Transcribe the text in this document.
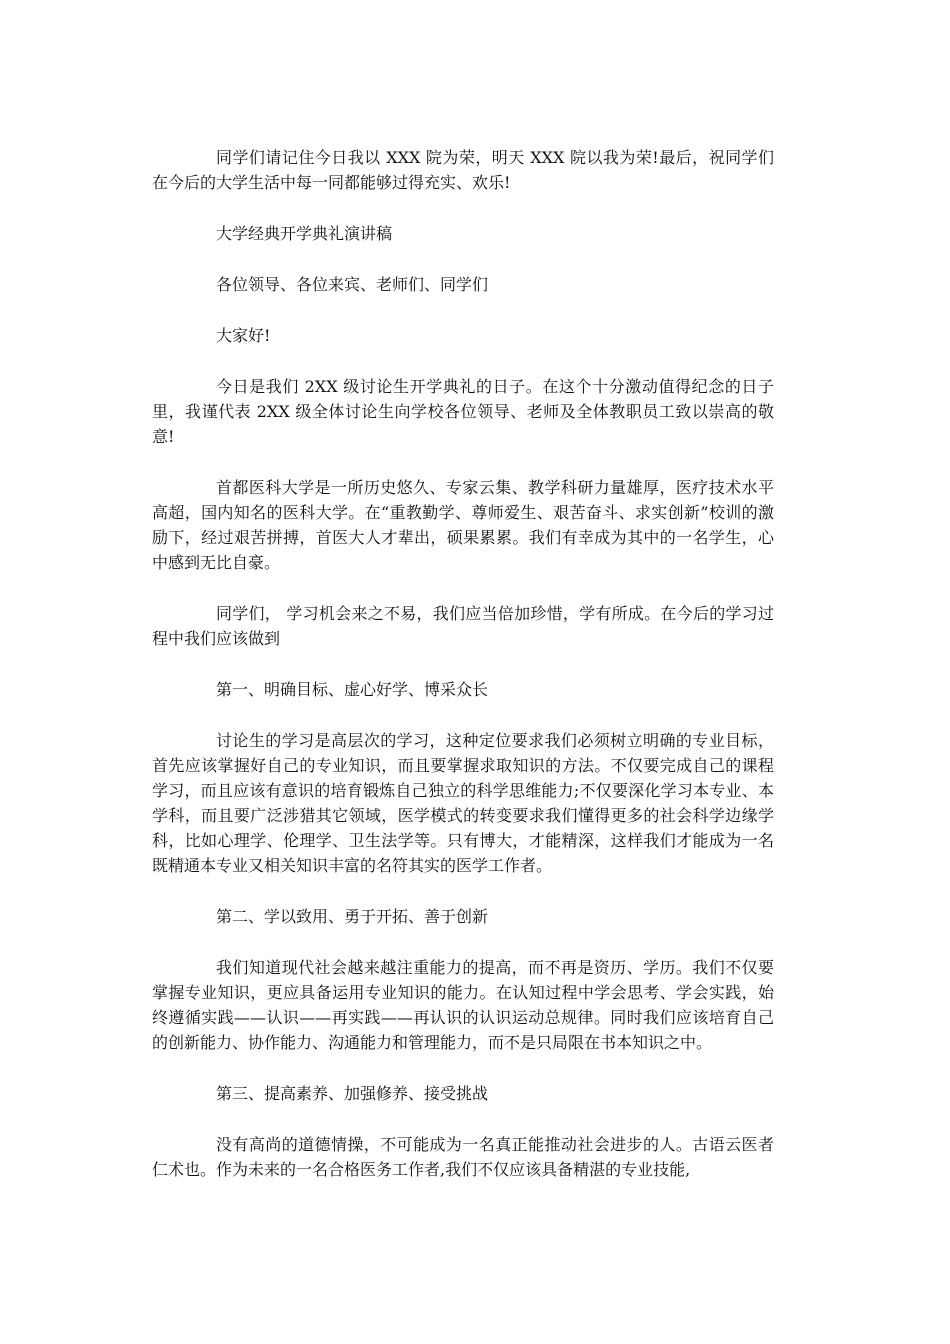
同学们请记住今日我以 XXX 院为荣，明天 XXX 院以我为荣!最后，祝同学们在今后的大学生活中每一同都能够过得充实、欢乐!

大学经典开学典礼演讲稿

各位领导、各位来宾、老师们、同学们

大家好!

今日是我们 2XX 级讨论生开学典礼的日子。在这个十分激动值得纪念的日子里，我谨代表 2XX 级全体讨论生向学校各位领导、老师及全体教职员工致以崇高的敬意!

首都医科大学是一所历史悠久、专家云集、教学科研力量雄厚，医疗技术水平高超，国内知名的医科大学。在“重教勤学、尊师爱生、艰苦奋斗、求实创新”校训的激励下，经过艰苦拼搏，首医大人才辈出，硕果累累。我们有幸成为其中的一名学生，心中感到无比自豪。

同学们， 学习机会来之不易，我们应当倍加珍惜，学有所成。在今后的学习过程中我们应该做到

第一、明确目标、虚心好学、博采众长

讨论生的学习是高层次的学习，这种定位要求我们必须树立明确的专业目标，首先应该掌握好自己的专业知识，而且要掌握求取知识的方法。不仅要完成自己的课程学习，而且应该有意识的培育锻炼自己独立的科学思维能力;不仅要深化学习本专业、本学科，而且要广泛涉猎其它领域，医学模式的转变要求我们懂得更多的社会科学边缘学科，比如心理学、伦理学、卫生法学等。只有博大，才能精深，这样我们才能成为一名既精通本专业又相关知识丰富的名符其实的医学工作者。

第二、学以致用、勇于开拓、善于创新

我们知道现代社会越来越注重能力的提高，而不再是资历、学历。我们不仅要掌握专业知识，更应具备运用专业知识的能力。在认知过程中学会思考、学会实践，始终遵循实践——认识——再实践——再认识的认识运动总规律。同时我们应该培育自己的创新能力、协作能力、沟通能力和管理能力，而不是只局限在书本知识之中。

第三、提高素养、加强修养、接受挑战

没有高尚的道德情操，不可能成为一名真正能推动社会进步的人。古语云医者仁术也。作为未来的一名合格医务工作者,我们不仅应该具备精湛的专业技能,
